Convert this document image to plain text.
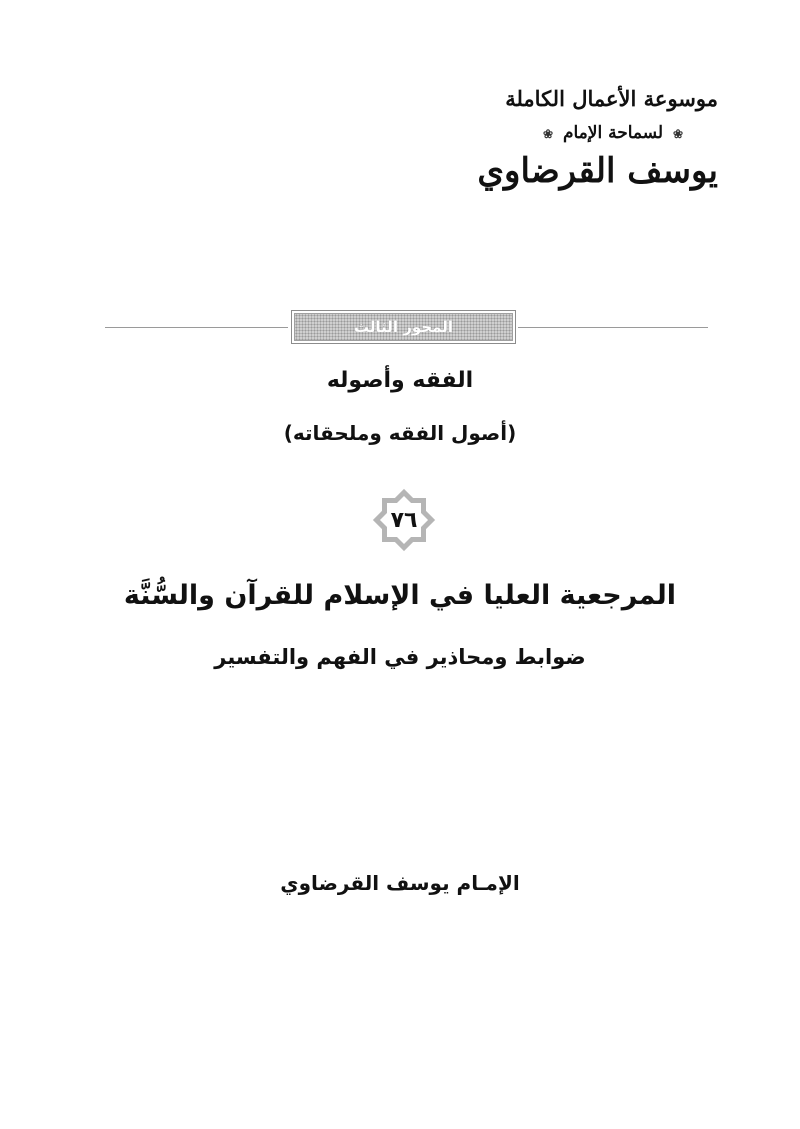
موسوعة الأعمال الكاملة
❀ لسماحة الإمام ❀
يوسف القرضاوي
المحور الثالث
الفقه وأصوله
(أصول الفقه وملحقاته)
٧٦
المرجعية العليا في الإسلام للقرآن والسُّنَّة
ضوابط ومحاذير في الفهم والتفسير
الإمـام يوسف القرضاوي
